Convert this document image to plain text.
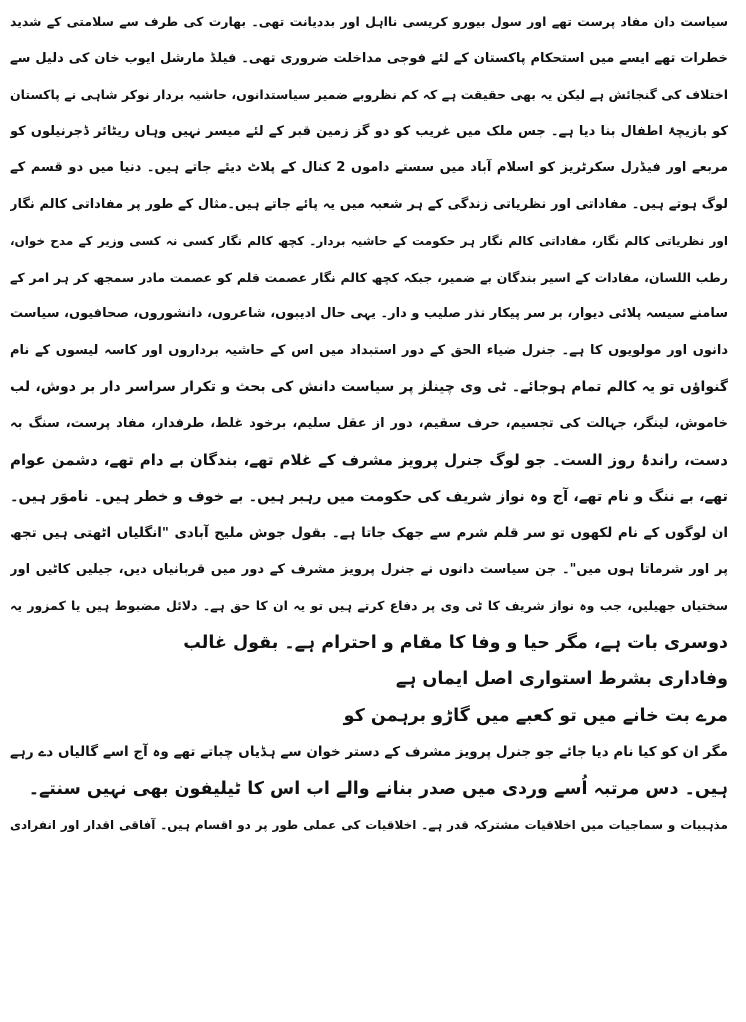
سیاست دان مفاد پرست تھے اور سول بیورو کریسی نااہل اور بددیانت تھی۔ بھارت کی طرف سے سلامتی کے شدید
خطرات تھے ایسے میں استحکام پاکستان کے لئے فوجی مداخلت ضروری تھی۔ فیلڈ مارشل ایوب خان کی دلیل سے
اختلاف کی گنجائش ہے لیکن یہ بھی حقیقت ہے کہ کم نظروبے ضمیر سیاستدانوں، حاشیہ بردار نوکر شاہی نے پاکستان
کو بازیچۂ اطفال بنا دیا ہے۔ جس ملک میں غریب کو دو گز زمین قبر کے لئے میسر نہیں وہاں ریٹائر ڈجرنیلوں کو
مربعے اور فیڈرل سکرٹریز کو اسلام آباد میں سستے داموں 2 کنال کے پلاٹ دیئے جاتے ہیں۔ دنیا میں دو قسم کے
لوگ ہوتے ہیں۔ مفاداتی اور نظریاتی زندگی کے ہر شعبہ میں یہ پائے جاتے ہیں۔مثال کے طور پر مفاداتی کالم نگار
اور نظریاتی کالم نگار، مفاداتی کالم نگار ہر حکومت کے حاشیہ بردار۔ کچھ کالم نگار کسی نہ کسی وزیر کے مدح خواں،
رطب اللسان، مفادات کے اسیر بندگان بے ضمیر، جبکہ کچھ کالم نگار عصمت قلم کو عصمت مادر سمجھ کر ہر امر کے
سامنے سیسہ پلائی دیوار، بر سر پیکار نذر صلیب و دار۔ یہی حال ادیبوں، شاعروں، دانشوروں، صحافیوں، سیاست
دانوں اور مولویوں کا ہے۔ جنرل ضیاء الحق کے دور استبداد میں اس کے حاشیہ برداروں اور کاسہ لیسوں کے نام
گنواؤں تو یہ کالم تمام ہوجائے۔ ٹی وی چینلز پر سیاست دانش کی بحث و تکرار سراسر دار بر دوش، لب
خاموش، لینگر، جہالت کی تجسیم، حرف سقیم، دور از عقل سلیم، برخود غلط، طرفدار، مفاد پرست، سنگ بہ
دست، راندۂ روز الست۔ جو لوگ جنرل پرویز مشرف کے غلام تھے، بندگان بے دام تھے، دشمن عوام
تھے، بے ننگ و نام تھے، آج وہ نواز شریف کی حکومت میں رہبر ہیں۔ بے خوف و خطر ہیں۔ ناموَر ہیں۔
ان لوگوں کے نام لکھوں تو سر قلم شرم سے جھک جاتا ہے۔ بقول جوش ملیح آبادی "انگلیاں اٹھتی ہیں تجھ
پر اور شرماتا ہوں میں"۔ جن سیاست دانوں نے جنرل پرویز مشرف کے دور میں قربانیاں دیں، جیلیں کاٹیں اور
سختیاں جھیلیں، جب وہ نواز شریف کا ٹی وی پر دفاع کرتے ہیں تو یہ ان کا حق ہے۔ دلائل مضبوط ہیں یا کمزور یہ
دوسری بات ہے، مگر حیا و وفا کا مقام و احترام ہے۔ بقول غالب
وفاداری بشرط استواری اصل ایماں ہے
مرے بت خانے میں تو کعبے میں گاڑو برہمن کو
مگر ان کو کیا نام دیا جائے جو جنرل پرویز مشرف کے دستر خوان سے ہڈیاں چباتے تھے وہ آج اسے گالیاں دے رہے
ہیں۔ دس مرتبہ اُسے وردی میں صدر بنانے والے اب اس کا ٹیلیفون بھی نہیں سنتے۔
مذہبیات و سماجیات میں اخلاقیات مشترکہ قدر ہے۔ اخلاقیات کی عملی طور پر دو اقسام ہیں۔ آفاقی اقدار اور انفرادی
